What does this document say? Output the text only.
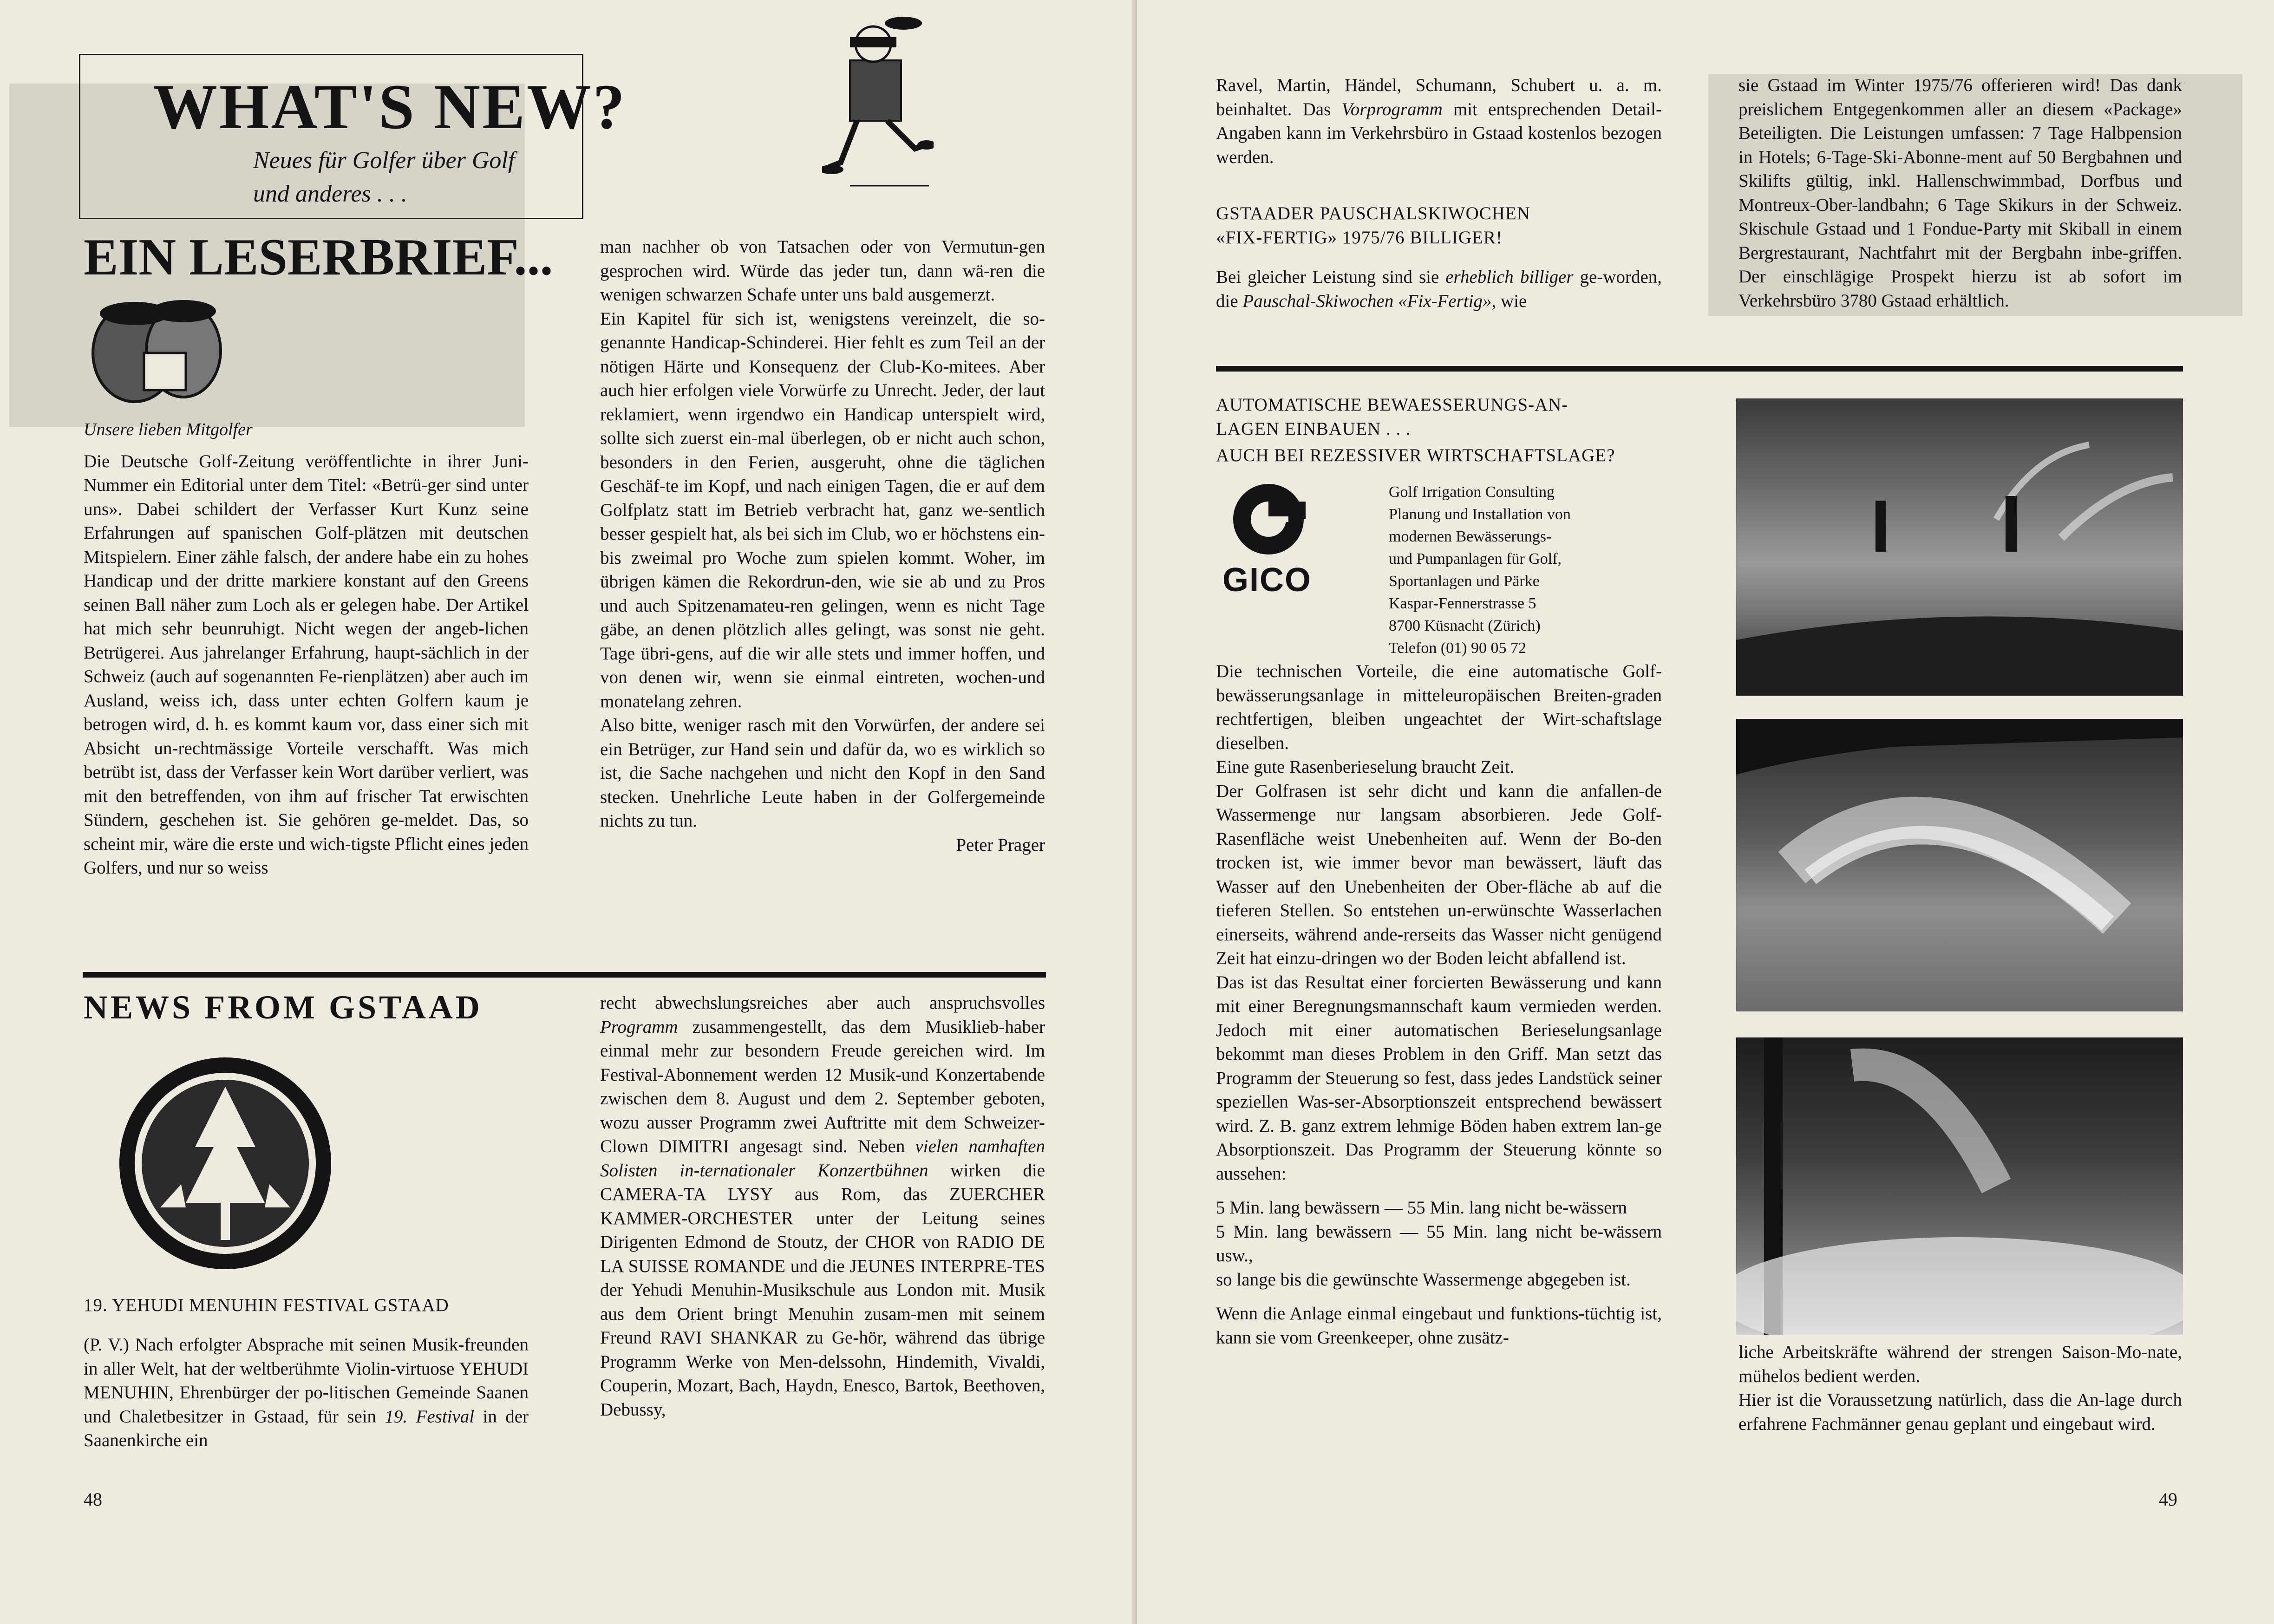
WHAT'S NEW?
Neues für Golfer über Golf
und anderes . . .
EIN LESERBRIEF...

Unsere lieben Mitgolfer

Die Deutsche Golf-Zeitung veröffentlichte in ihrer Juni-Nummer ein Editorial unter dem Titel: «Betrü-ger sind unter uns». Dabei schildert der Verfasser Kurt Kunz seine Erfahrungen auf spanischen Golf-plätzen mit deutschen Mitspielern. Einer zähle falsch, der andere habe ein zu hohes Handicap und der dritte markiere konstant auf den Greens seinen Ball näher zum Loch als er gelegen habe. Der Artikel hat mich sehr beunruhigt. Nicht wegen der angeb-lichen Betrügerei. Aus jahrelanger Erfahrung, haupt-sächlich in der Schweiz (auch auf sogenannten Fe-rienplätzen) aber auch im Ausland, weiss ich, dass unter echten Golfern kaum je betrogen wird, d. h. es kommt kaum vor, dass einer sich mit Absicht un-rechtmässige Vorteile verschafft. Was mich betrübt ist, dass der Verfasser kein Wort darüber verliert, was mit den betreffenden, von ihm auf frischer Tat erwischten Sündern, geschehen ist. Sie gehören ge-meldet. Das, so scheint mir, wäre die erste und wich-tigste Pflicht eines jeden Golfers, und nur so weiss

man nachher ob von Tatsachen oder von Vermutun-gen gesprochen wird. Würde das jeder tun, dann wä-ren die wenigen schwarzen Schafe unter uns bald ausgemerzt.

Ein Kapitel für sich ist, wenigstens vereinzelt, die so-genannte Handicap-Schinderei. Hier fehlt es zum Teil an der nötigen Härte und Konsequenz der Club-Ko-mitees. Aber auch hier erfolgen viele Vorwürfe zu Unrecht. Jeder, der laut reklamiert, wenn irgendwo ein Handicap unterspielt wird, sollte sich zuerst ein-mal überlegen, ob er nicht auch schon, besonders in den Ferien, ausgeruht, ohne die täglichen Geschäf-te im Kopf, und nach einigen Tagen, die er auf dem Golfplatz statt im Betrieb verbracht hat, ganz we-sentlich besser gespielt hat, als bei sich im Club, wo er höchstens ein- bis zweimal pro Woche zum spielen kommt. Woher, im übrigen kämen die Rekordrun-den, wie sie ab und zu Pros und auch Spitzenamateu-ren gelingen, wenn es nicht Tage gäbe, an denen plötzlich alles gelingt, was sonst nie geht. Tage übri-gens, auf die wir alle stets und immer hoffen, und von denen wir, wenn sie einmal eintreten, wochen-und monatelang zehren.

Also bitte, weniger rasch mit den Vorwürfen, der andere sei ein Betrüger, zur Hand sein und dafür da, wo es wirklich so ist, die Sache nachgehen und nicht den Kopf in den Sand stecken. Unehrliche Leute haben in der Golfergemeinde nichts zu tun.

Peter Prager

NEWS FROM GSTAAD
19. YEHUDI MENUHIN FESTIVAL GSTAAD

(P. V.) Nach erfolgter Absprache mit seinen Musik-freunden in aller Welt, hat der weltberühmte Violin-virtuose YEHUDI MENUHIN, Ehrenbürger der po-litischen Gemeinde Saanen und Chaletbesitzer in Gstaad, für sein 19. Festival in der Saanenkirche ein

recht abwechslungsreiches aber auch anspruchsvolles Programm zusammengestellt, das dem Musiklieb-haber einmal mehr zur besondern Freude gereichen wird. Im Festival-Abonnement werden 12 Musik-und Konzertabende zwischen dem 8. August und dem 2. September geboten, wozu ausser Programm zwei Auftritte mit dem Schweizer-Clown DIMITRI angesagt sind. Neben vielen namhaften Solisten in-ternationaler Konzertbühnen wirken die CAMERA-TA LYSY aus Rom, das ZUERCHER KAMMER-ORCHESTER unter der Leitung seines Dirigenten Edmond de Stoutz, der CHOR von RADIO DE LA SUISSE ROMANDE und die JEUNES INTERPRE-TES der Yehudi Menuhin-Musikschule aus London mit. Musik aus dem Orient bringt Menuhin zusam-men mit seinem Freund RAVI SHANKAR zu Ge-hör, während das übrige Programm Werke von Men-delssohn, Hindemith, Vivaldi, Couperin, Mozart, Bach, Haydn, Enesco, Bartok, Beethoven, Debussy,

48

Ravel, Martin, Händel, Schumann, Schubert u. a. m. beinhaltet. Das Vorprogramm mit entsprechenden Detail-Angaben kann im Verkehrsbüro in Gstaad kostenlos bezogen werden.

GSTAADER PAUSCHALSKIWOCHEN

«FIX-FERTIG» 1975/76 BILLIGER!

Bei gleicher Leistung sind sie erheblich billiger ge-worden, die Pauschal-Skiwochen «Fix-Fertig», wie

sie Gstaad im Winter 1975/76 offerieren wird! Das dank preislichem Entgegenkommen aller an diesem «Package» Beteiligten. Die Leistungen umfassen: 7 Tage Halbpension in Hotels; 6-Tage-Ski-Abonne-ment auf 50 Bergbahnen und Skilifts gültig, inkl. Hallenschwimmbad, Dorfbus und Montreux-Ober-landbahn; 6 Tage Skikurs in der Schweiz. Skischule Gstaad und 1 Fondue-Party mit Skiball in einem Bergrestaurant, Nachtfahrt mit der Bergbahn inbe-griffen. Der einschlägige Prospekt hierzu ist ab sofort im Verkehrsbüro 3780 Gstaad erhältlich.

AUTOMATISCHE BEWAESSERUNGS-AN-

LAGEN EINBAUEN . . .

AUCH BEI REZESSIVER WIRTSCHAFTSLAGE?

GICO
Golf Irrigation Consulting
Planung und Installation von
modernen Bewässerungs-
und Pumpanlagen für Golf,
Sportanlagen und Pärke
Kaspar-Fennerstrasse 5
8700 Küsnacht (Zürich)
Telefon (01) 90 05 72

Die technischen Vorteile, die eine automatische Golf-bewässerungsanlage in mitteleuropäischen Breiten-graden rechtfertigen, bleiben ungeachtet der Wirt-schaftslage dieselben.
Eine gute Rasenberieselung braucht Zeit.
Der Golfrasen ist sehr dicht und kann die anfallen-de Wassermenge nur langsam absorbieren. Jede Golf-Rasenfläche weist Unebenheiten auf. Wenn der Bo-den trocken ist, wie immer bevor man bewässert, läuft das Wasser auf den Unebenheiten der Ober-fläche ab auf die tieferen Stellen. So entstehen un-erwünschte Wasserlachen einerseits, während ande-rerseits das Wasser nicht genügend Zeit hat einzu-dringen wo der Boden leicht abfallend ist.
Das ist das Resultat einer forcierten Bewässerung und kann mit einer Beregnungsmannschaft kaum vermieden werden. Jedoch mit einer automatischen Berieselungsanlage bekommt man dieses Problem in den Griff. Man setzt das Programm der Steuerung so fest, dass jedes Landstück seiner speziellen Was-ser-Absorptionszeit entsprechend bewässert wird. Z. B. ganz extrem lehmige Böden haben extrem lan-ge Absorptionszeit. Das Programm der Steuerung könnte so aussehen:

5 Min. lang bewässern — 55 Min. lang nicht be-wässern

5 Min. lang bewässern — 55 Min. lang nicht be-wässern usw.,

so lange bis die gewünschte Wassermenge abgegeben ist.

Wenn die Anlage einmal eingebaut und funktions-tüchtig ist, kann sie vom Greenkeeper, ohne zusätz-

liche Arbeitskräfte während der strengen Saison-Mo-nate, mühelos bedient werden.
Hier ist die Voraussetzung natürlich, dass die An-lage durch erfahrene Fachmänner genau geplant und eingebaut wird.

49
